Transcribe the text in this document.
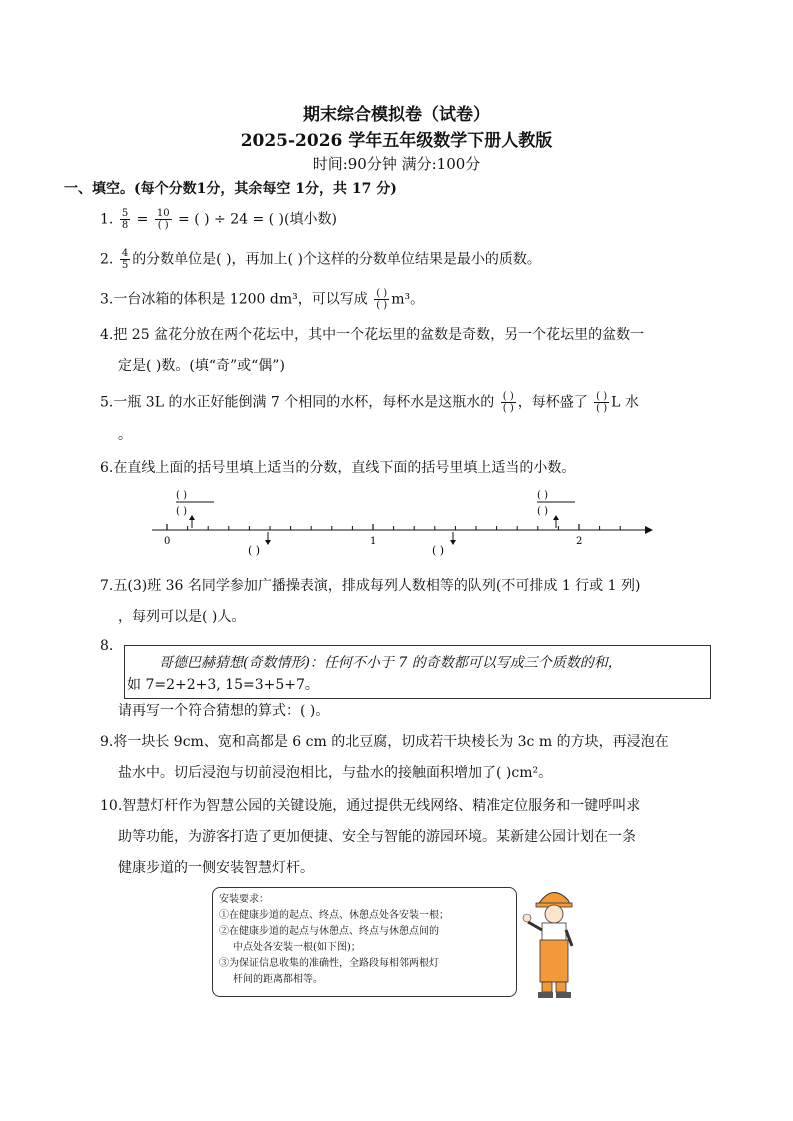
期末综合模拟卷（试卷）
2025-2026 学年五年级数学下册人教版
时间:90分钟 满分:100分
一、填空。(每个分数1分，其余每空 1分，共 17 分)
1. $\frac{5}{8} = \frac{10}{( )}$ = ( ) ÷ 24 = ( )(填小数)
2. $\frac{4}{5}$ 的分数单位是( )，再加上( )个这样的分数单位结果是最小的质数。
3.一台冰箱的体积是 1200 dm³，可以写成 $\frac{( )}{( )} m^3$。
4.把 25 盆花分放在两个花坛中，其中一个花坛里的盆数是奇数，另一个花坛里的盆数一
定是( )数。(填“奇”或“偶”)
5.一瓶 3L 的水正好能倒满 7 个相同的水杯，每杯水是这瓶水的 $\frac{( )}{( )}$ ，每杯盛了 $\frac{( )}{( )}$ L 水
。
6.在直线上面的括号里填上适当的分数，直线下面的括号里填上适当的小数。
( )
( )
( )
( )
( )	( )
0	1	2
7.五(3)班 36 名同学参加广播操表演，排成每列人数相等的队列(不可排成 1 行或 1 列)
，每列可以是( )人。
8.
哥德巴赫猜想(奇数情形)：任何不小于 7 的奇数都可以写成三个质数的和，
如 7=2+2+3, 15=3+5+7。
请再写一个符合猜想的算式：( )。
9.将一块长 9cm、宽和高都是 6 cm 的北豆腐，切成若干块棱长为 3c m 的方块，再浸泡在
盐水中。切后浸泡与切前浸泡相比，与盐水的接触面积增加了( )cm²。
10.智慧灯杆作为智慧公园的关键设施，通过提供无线网络、精准定位服务和一键呼叫求
助等功能，为游客打造了更加便捷、安全与智能的游园环境。某新建公园计划在一条
健康步道的一侧安装智慧灯杆。
安装要求：
①在健康步道的起点、终点、休憩点处各安装一根；
②在健康步道的起点与休憩点、终点与休憩点间的
中点处各安装一根(如下图)；
③为保证信息收集的准确性，全路段每相邻两根灯
杆间的距离都相等。
